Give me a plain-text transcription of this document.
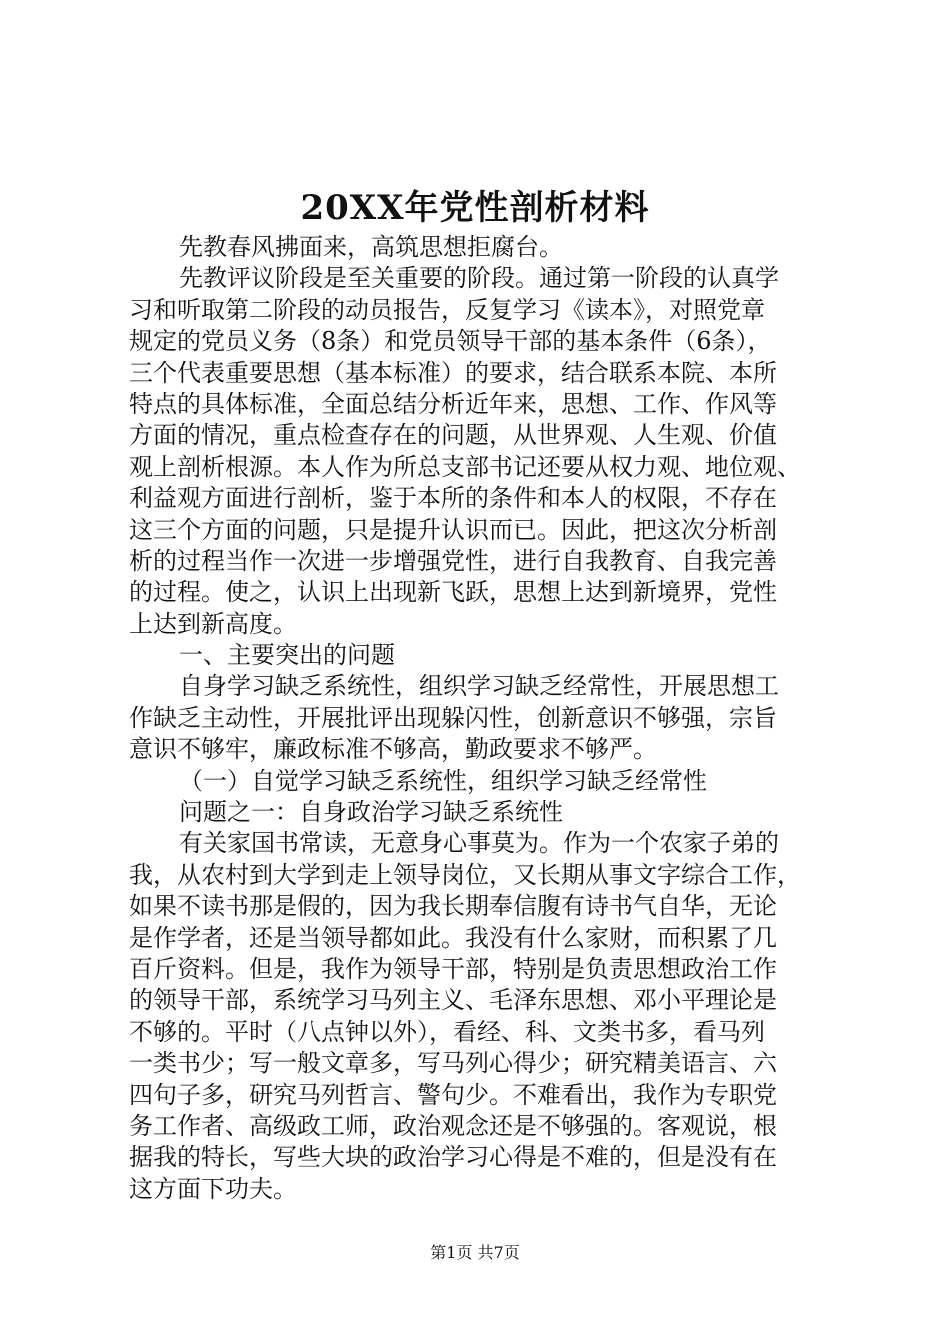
20XX年党性剖析材料
先教春风拂面来，高筑思想拒腐台。
先教评议阶段是至关重要的阶段。通过第一阶段的认真学
习和听取第二阶段的动员报告，反复学习《读本》，对照党章
规定的党员义务（8条）和党员领导干部的基本条件（6条），
三个代表重要思想（基本标准）的要求，结合联系本院、本所
特点的具体标准，全面总结分析近年来，思想、工作、作风等
方面的情况，重点检查存在的问题，从世界观、人生观、价值
观上剖析根源。本人作为所总支部书记还要从权力观、地位观、
利益观方面进行剖析，鉴于本所的条件和本人的权限，不存在
这三个方面的问题，只是提升认识而已。因此，把这次分析剖
析的过程当作一次进一步增强党性，进行自我教育、自我完善
的过程。使之，认识上出现新飞跃，思想上达到新境界，党性
上达到新高度。
一、主要突出的问题
自身学习缺乏系统性，组织学习缺乏经常性，开展思想工
作缺乏主动性，开展批评出现躲闪性，创新意识不够强，宗旨
意识不够牢，廉政标准不够高，勤政要求不够严。
（一）自觉学习缺乏系统性，组织学习缺乏经常性
问题之一：自身政治学习缺乏系统性
有关家国书常读，无意身心事莫为。作为一个农家子弟的
我，从农村到大学到走上领导岗位，又长期从事文字综合工作，
如果不读书那是假的，因为我长期奉信腹有诗书气自华，无论
是作学者，还是当领导都如此。我没有什么家财，而积累了几
百斤资料。但是，我作为领导干部，特别是负责思想政治工作
的领导干部，系统学习马列主义、毛泽东思想、邓小平理论是
不够的。平时（八点钟以外），看经、科、文类书多，看马列
一类书少；写一般文章多，写马列心得少；研究精美语言、六
四句子多，研究马列哲言、警句少。不难看出，我作为专职党
务工作者、高级政工师，政治观念还是不够强的。客观说，根
据我的特长，写些大块的政治学习心得是不难的，但是没有在
这方面下功夫。
第1页 共7页
